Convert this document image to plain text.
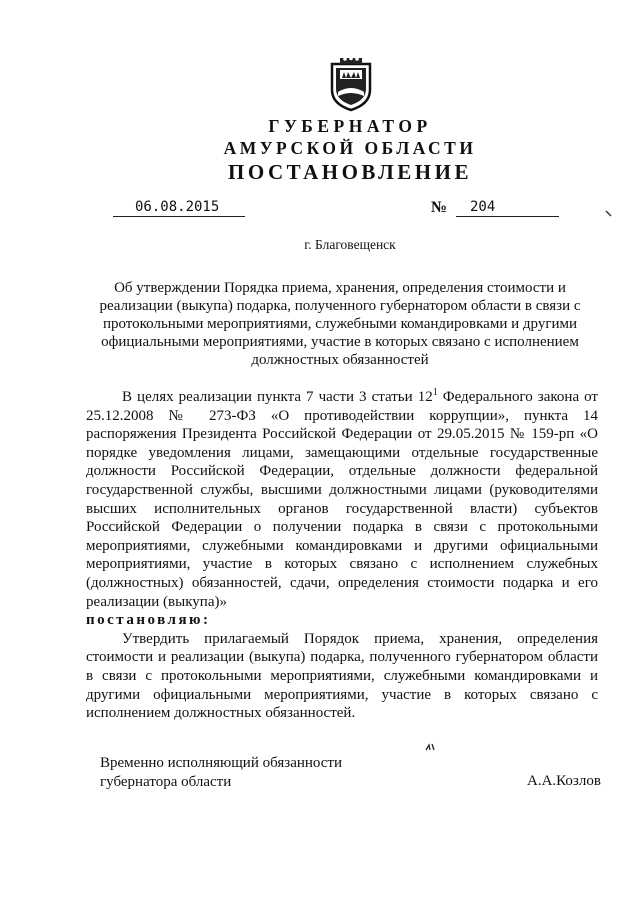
ГУБЕРНАТОР
АМУРСКОЙ ОБЛАСТИ
ПОСТАНОВЛЕНИЕ
06.08.2015	№	204
г. Благовещенск
Об утверждении Порядка приема, хранения, определения стоимости и
реализации (выкупа) подарка, полученного губернатором области в связи с
протокольными мероприятиями, служебными командировками и другими
официальными мероприятиями, участие в которых связано с исполнением
должностных обязанностей

В целях реализации пункта 7 части 3 статьи $12^1$ Федерального закона от 25.12.2008 № 273-ФЗ «О противодействии коррупции», пункта 14 распоряжения Президента Российской Федерации от 29.05.2015 № 159-рп «О порядке уведомления лицами, замещающими отдельные государственные должности Российской Федерации, отдельные должности федеральной государственной службы, высшими должностными лицами (руководителями высших исполнительных органов государственной власти) субъектов Российской Федерации о получении подарка в связи с протокольными мероприятиями, служебными командировками и другими официальными мероприятиями, участие в которых связано с исполнением служебных (должностных) обязанностей, сдачи, определения стоимости подарка и его реализации (выкупа)»

постановляю:

Утвердить прилагаемый Порядок приема, хранения, определения стоимости и реализации (выкупа) подарка, полученного губернатором области в связи с протокольными мероприятиями, служебными командировками и другими официальными мероприятиями, участие в которых связано с исполнением должностных обязанностей.

Временно исполняющий обязанности
губернатора области	А.А.Козлов
